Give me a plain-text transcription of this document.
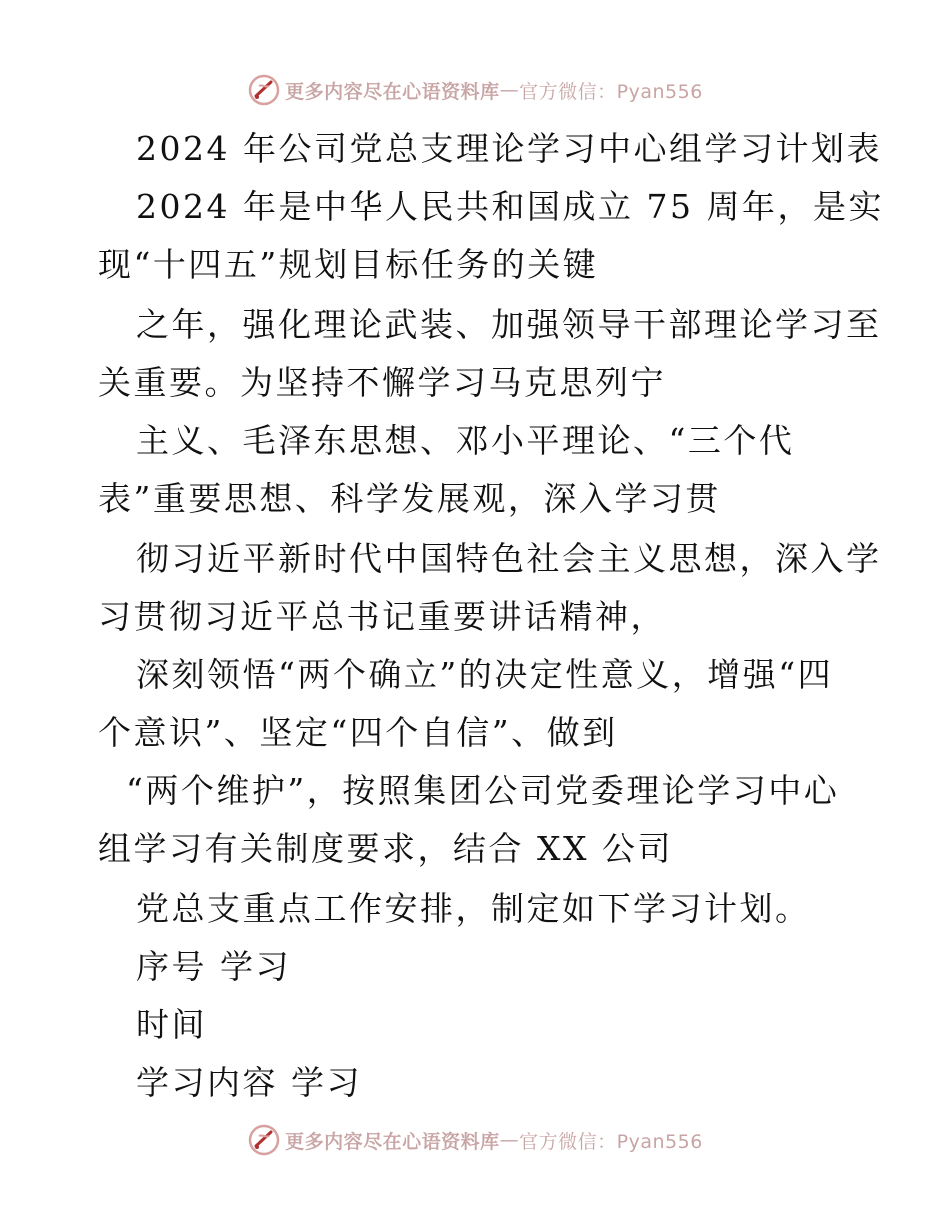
更多内容尽在心语资料库 — 官方微信：Pyan556
2024 年公司党总支理论学习中心组学习计划表
2024 年是中华人民共和国成立 75 周年，是实
现“十四五”规划目标任务的关键
之年，强化理论武装、加强领导干部理论学习至
关重要。为坚持不懈学习马克思列宁
主义、毛泽东思想、邓小平理论、“三个代
表”重要思想、科学发展观，深入学习贯
彻习近平新时代中国特色社会主义思想，深入学
习贯彻习近平总书记重要讲话精神，
深刻领悟“两个确立”的决定性意义，增强“四
个意识”、坚定“四个自信”、做到
“两个维护”，按照集团公司党委理论学习中心
组学习有关制度要求，结合 XX 公司
党总支重点工作安排，制定如下学习计划。
序号 学习
时间
学习内容 学习
更多内容尽在心语资料库 — 官方微信：Pyan556
